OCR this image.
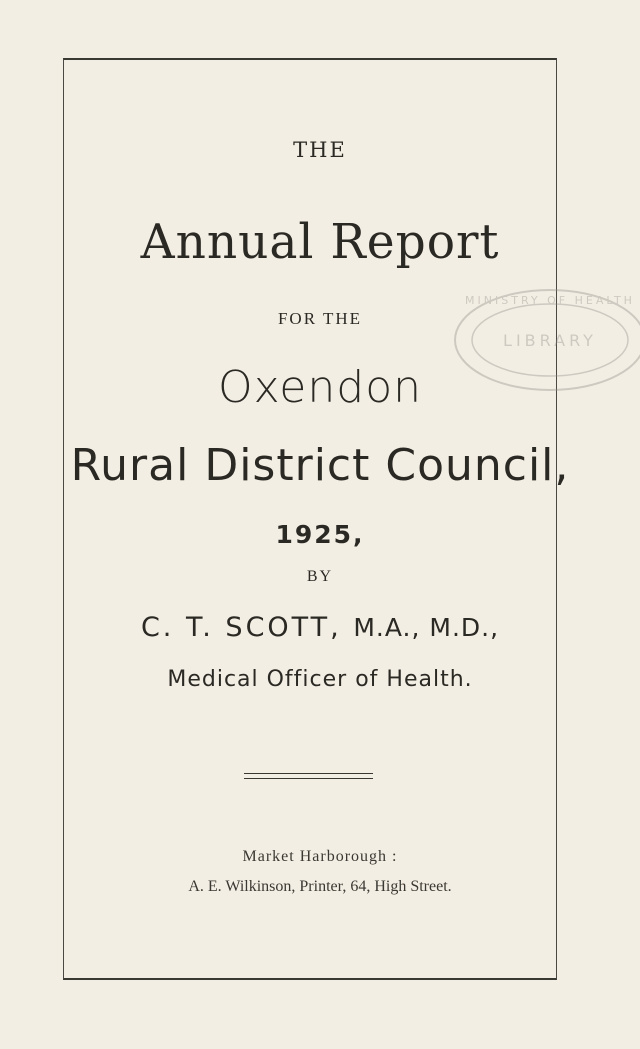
LIBRARY
MINISTRY OF HEALTH
THE
Annual Report
FOR THE
Oxendon
Rural District Council,
1925,
BY
C. T. SCOTT, M.A., M.D.,
Medical Officer of Health.
Market Harborough :
A. E. Wilkinson, Printer, 64, High Street.
